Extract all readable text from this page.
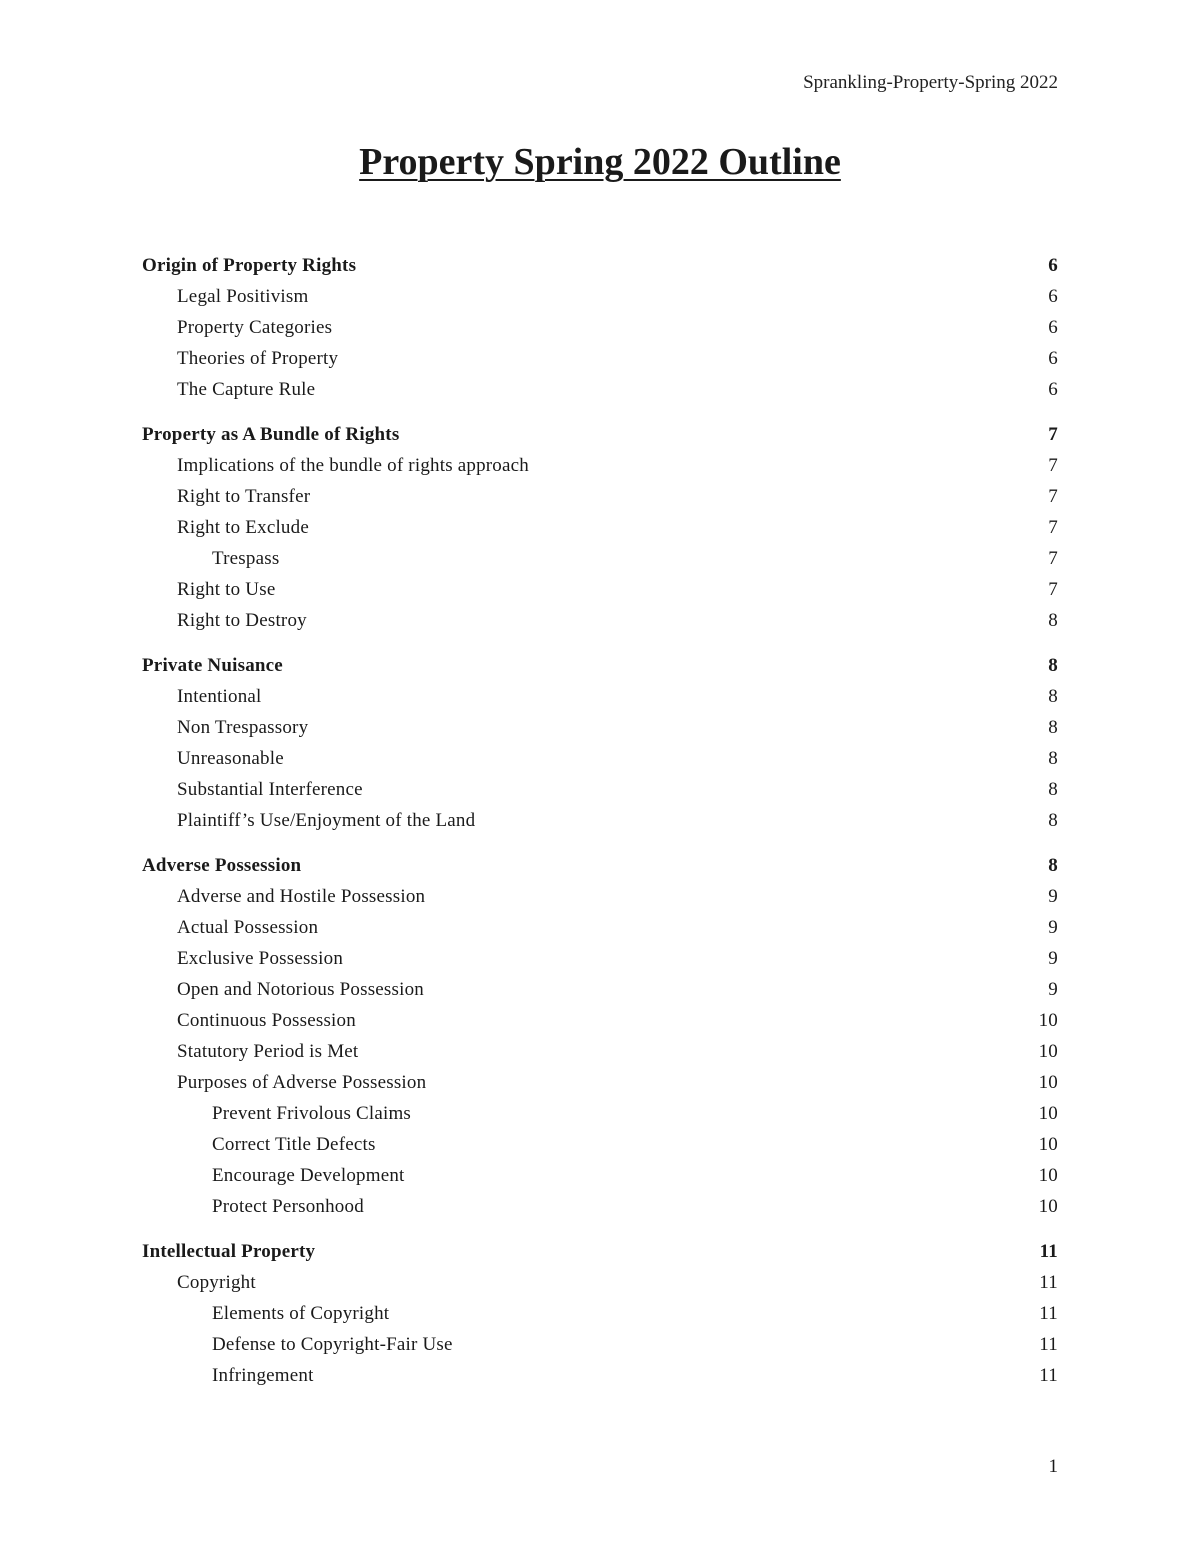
Sprankling-Property-Spring 2022
Property Spring 2022 Outline
Origin of Property Rights	6
Legal Positivism	6
Property Categories	6
Theories of Property	6
The Capture Rule	6
Property as A Bundle of Rights	7
Implications of the bundle of rights approach	7
Right to Transfer	7
Right to Exclude	7
Trespass	7
Right to Use	7
Right to Destroy	8
Private Nuisance	8
Intentional	8
Non Trespassory	8
Unreasonable	8
Substantial Interference	8
Plaintiff’s Use/Enjoyment of the Land	8
Adverse Possession	8
Adverse and Hostile Possession	9
Actual Possession	9
Exclusive Possession	9
Open and Notorious Possession	9
Continuous Possession	10
Statutory Period is Met	10
Purposes of Adverse Possession	10
Prevent Frivolous Claims	10
Correct Title Defects	10
Encourage Development	10
Protect Personhood	10
Intellectual Property	11
Copyright	11
Elements of Copyright	11
Defense to Copyright-Fair Use	11
Infringement	11
1
